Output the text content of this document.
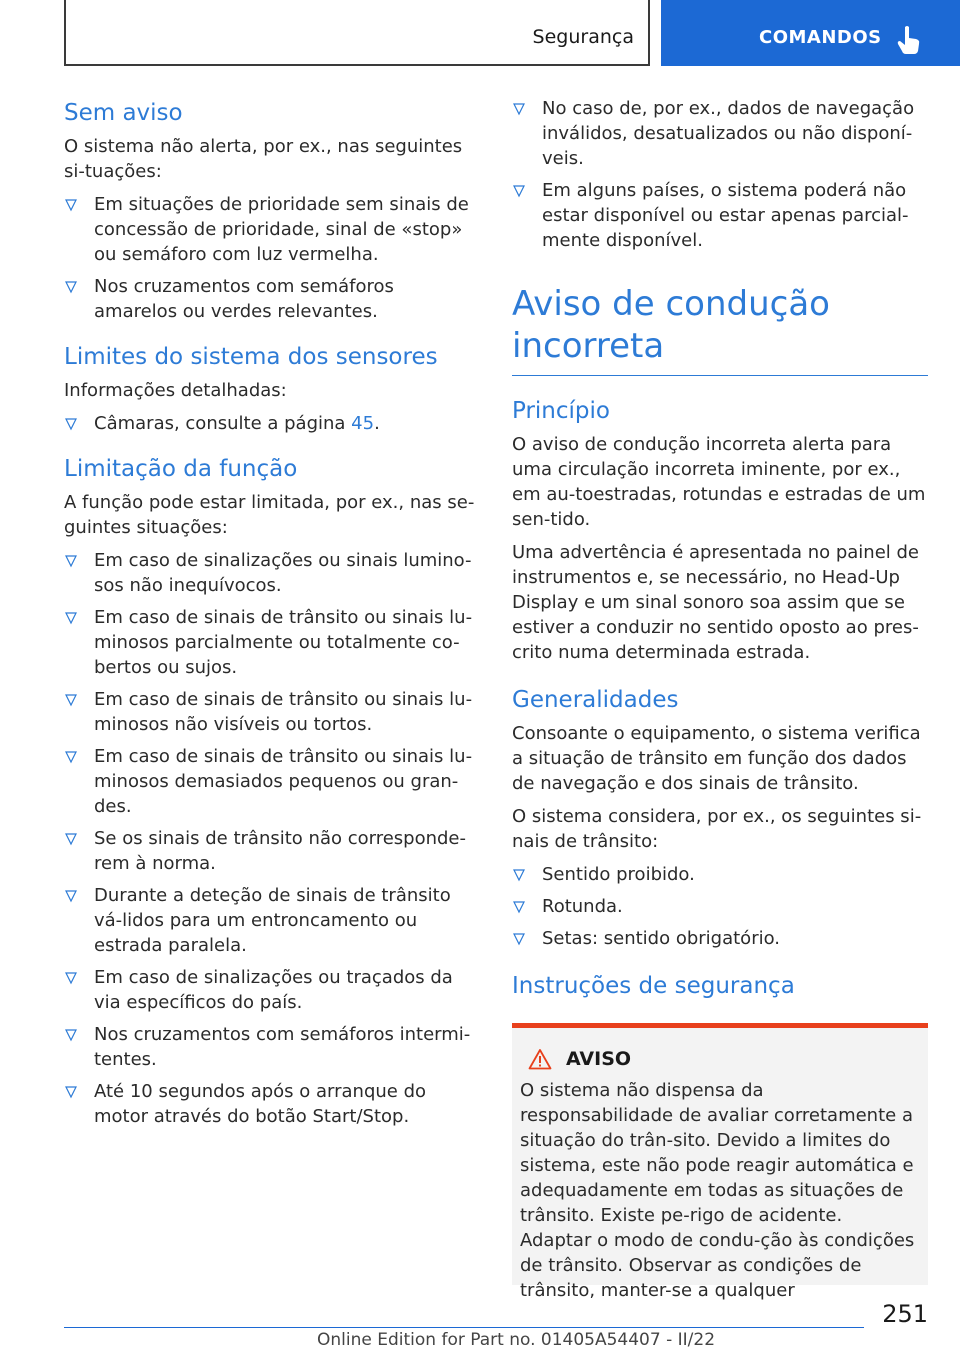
Segurança	COMANDOS
Sem aviso

O sistema não alerta, por ex., nas seguintes si-tuações:

Em situações de prioridade sem sinais de concessão de prioridade, sinal de «stop» ou semáforo com luz vermelha.
Nos cruzamentos com semáforos amarelos ou verdes relevantes.
Limites do sistema dos sensores

Informações detalhadas:

Câmaras, consulte a página 45.
Limitação da função

A função pode estar limitada, por ex., nas se-guintes situações:

Em caso de sinalizações ou sinais lumino-sos não inequívocos.
Em caso de sinais de trânsito ou sinais lu-minosos parcialmente ou totalmente co-bertos ou sujos.
Em caso de sinais de trânsito ou sinais lu-minosos não visíveis ou tortos.
Em caso de sinais de trânsito ou sinais lu-minosos demasiados pequenos ou gran-des.
Se os sinais de trânsito não corresponde-rem à norma.
Durante a deteção de sinais de trânsito vá-lidos para um entroncamento ou estrada paralela.
Em caso de sinalizações ou traçados da via específicos do país.
Nos cruzamentos com semáforos intermi-tentes.
Até 10 segundos após o arranque do motor através do botão Start/Stop.
No caso de, por ex., dados de navegação inválidos, desatualizados ou não disponí-veis.
Em alguns países, o sistema poderá não estar disponível ou estar apenas parcial-mente disponível.
Aviso de condução incorreta
Princípio

O aviso de condução incorreta alerta para uma circulação incorreta iminente, por ex., em au-toestradas, rotundas e estradas de um sen-tido.

Uma advertência é apresentada no painel de instrumentos e, se necessário, no Head-Up Display e um sinal sonoro soa assim que se estiver a conduzir no sentido oposto ao pres-crito numa determinada estrada.

Generalidades

Consoante o equipamento, o sistema verifica a situação de trânsito em função dos dados de navegação e dos sinais de trânsito.

O sistema considera, por ex., os seguintes si-nais de trânsito:

Sentido proibido.
Rotunda.
Setas: sentido obrigatório.
Instruções de segurança
AVISO

O sistema não dispensa da responsabilidade de avaliar corretamente a situação do trân-sito. Devido a limites do sistema, este não pode reagir automática e adequadamente em todas as situações de trânsito. Existe pe-rigo de acidente. Adaptar o modo de condu-ção às condições de trânsito. Observar as condições de trânsito, manter-se a qualquer

251
Online Edition for Part no. 01405A54407 - II/22
